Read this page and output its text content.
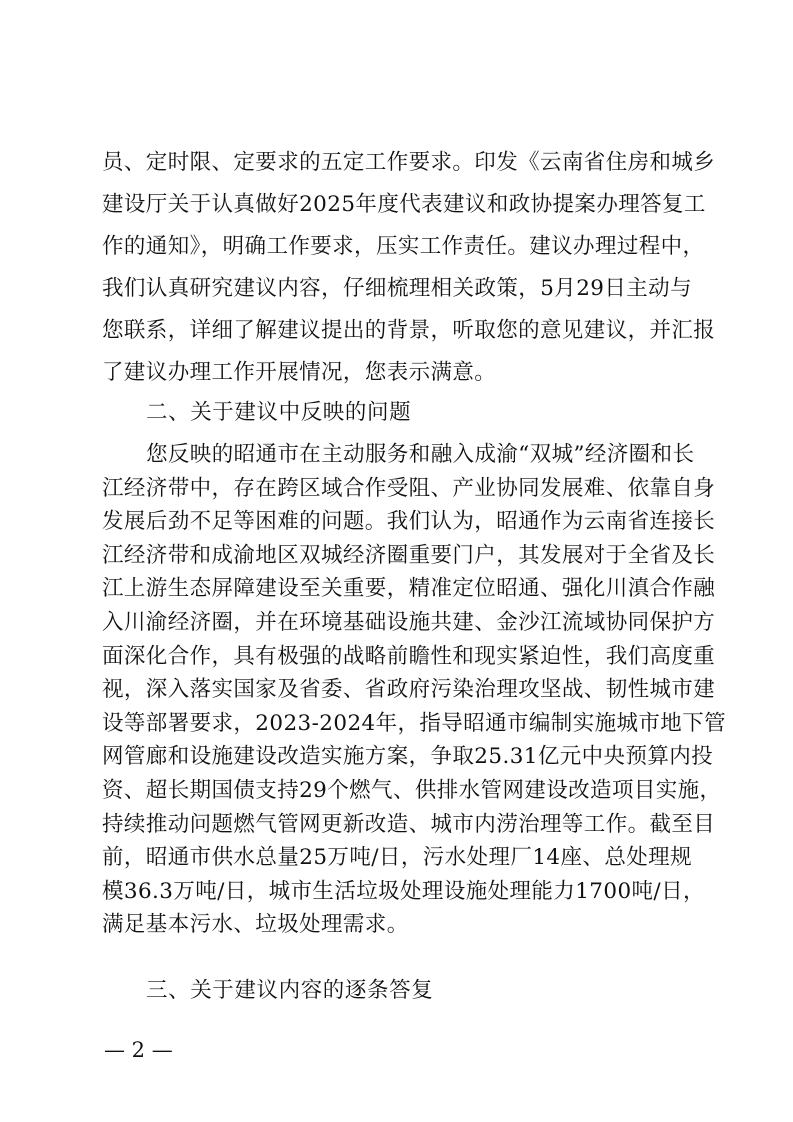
员、定时限、定要求的五定工作要求。印发《云南省住房和城乡
建设厅关于认真做好2025年度代表建议和政协提案办理答复工
作的通知》，明确工作要求，压实工作责任。建议办理过程中，
我们认真研究建议内容，仔细梳理相关政策，5月29日主动与
您联系，详细了解建议提出的背景，听取您的意见建议，并汇报
了建议办理工作开展情况，您表示满意。
二、关于建议中反映的问题
您反映的昭通市在主动服务和融入成渝“双城”经济圈和长
江经济带中，存在跨区域合作受阻、产业协同发展难、依靠自身
发展后劲不足等困难的问题。我们认为，昭通作为云南省连接长
江经济带和成渝地区双城经济圈重要门户，其发展对于全省及长
江上游生态屏障建设至关重要，精准定位昭通、强化川滇合作融
入川渝经济圈，并在环境基础设施共建、金沙江流域协同保护方
面深化合作，具有极强的战略前瞻性和现实紧迫性，我们高度重
视，深入落实国家及省委、省政府污染治理攻坚战、韧性城市建
设等部署要求，2023-2024年，指导昭通市编制实施城市地下管
网管廊和设施建设改造实施方案，争取25.31亿元中央预算内投
资、超长期国债支持29个燃气、供排水管网建设改造项目实施，
持续推动问题燃气管网更新改造、城市内涝治理等工作。截至目
前，昭通市供水总量25万吨/日，污水处理厂14座、总处理规
模36.3万吨/日，城市生活垃圾处理设施处理能力1700吨/日，
— 2 —
满足基本污水、垃圾处理需求。
三、关于建议内容的逐条答复
